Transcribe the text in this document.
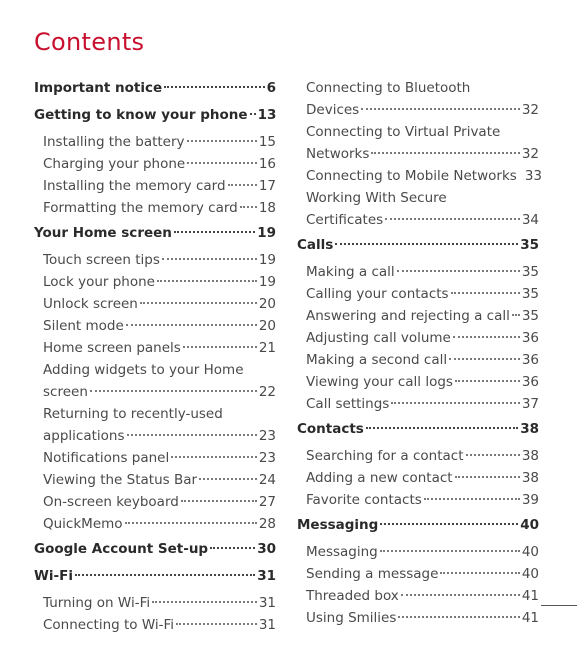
Contents
Important notice	6
Getting to know your phone 13
Installing the battery	15
Charging your phone	16
Installing the memory card 17
Formatting the memory card 18
Your Home screen	19
Touch screen tips	19
Lock your phone	19
Unlock screen	20
Silent mode	20
Home screen panels	21
Adding widgets to your Home
screen	22
Returning to recently-used
applications	23
Notifications panel	23
Viewing the Status Bar	24
On-screen keyboard	27
QuickMemo	28
Google Account Set-up	30
Wi-Fi	31
Turning on Wi-Fi	31
Connecting to Wi-Fi	31
Connecting to Bluetooth
Devices	32
Connecting to Virtual Private
Networks	32
Connecting to Mobile Networks 33
Working With Secure
Certificates	34
Calls	35
Making a call	35
Calling your contacts	35
Answering and rejecting a call 35
Adjusting call volume	36
Making a second call	36
Viewing your call logs	36
Call settings	37
Contacts	38
Searching for a contact	38
Adding a new contact	38
Favorite contacts	39
Messaging	40
Messaging	40
Sending a message	40
Threaded box	41
Using Smilies	41
